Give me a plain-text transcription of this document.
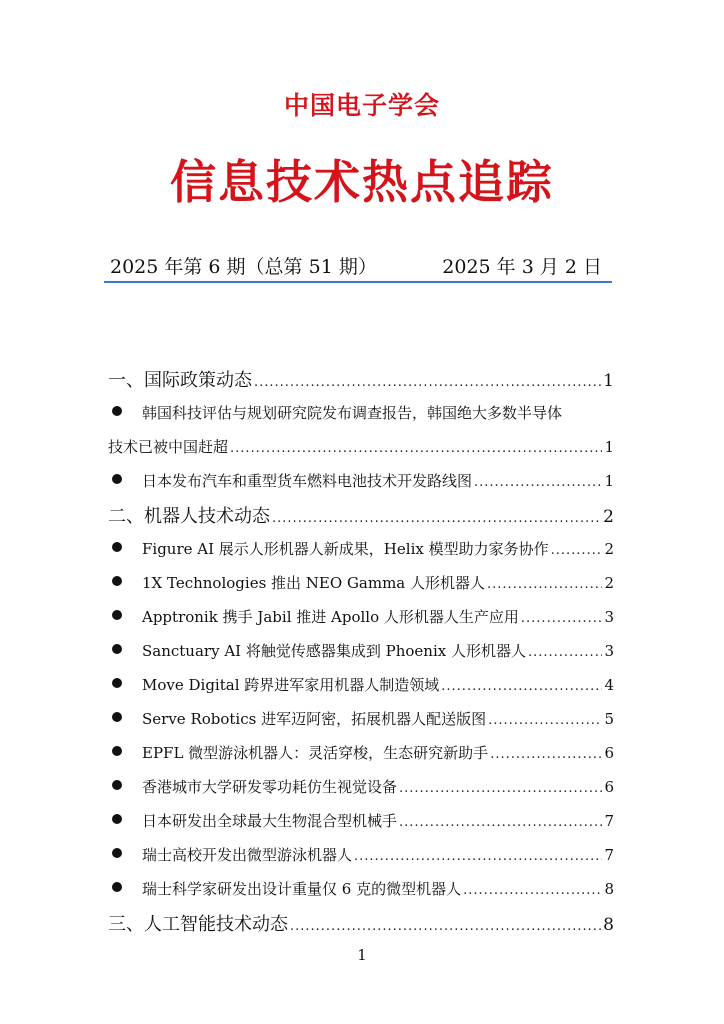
中国电子学会
信息技术热点追踪
2025 年第 6 期（总第 51 期）	2025 年 3 月 2 日
一、国际政策动态 .....	1
韩国科技评估与规划研究院发布调查报告，韩国绝大多数半导体
技术已被中国赶超 .....	1
日本发布汽车和重型货车燃料电池技术开发路线图 .....	1
二、机器人技术动态 .....	2
Figure AI 展示人形机器人新成果，Helix 模型助力家务协作 .....	2
1X Technologies 推出 NEO Gamma 人形机器人 .....	2
Apptronik 携手 Jabil 推进 Apollo 人形机器人生产应用 .....	3
Sanctuary AI 将触觉传感器集成到 Phoenix 人形机器人 .....	3
Move Digital 跨界进军家用机器人制造领域 .....	4
Serve Robotics 进军迈阿密，拓展机器人配送版图 .....	5
EPFL 微型游泳机器人：灵活穿梭，生态研究新助手 .....	6
香港城市大学研发零功耗仿生视觉设备 .....	6
日本研发出全球最大生物混合型机械手 .....	7
瑞士高校开发出微型游泳机器人 .....	7
瑞士科学家研发出设计重量仅 6 克的微型机器人 .....	8
三、人工智能技术动态 .....	8
1
